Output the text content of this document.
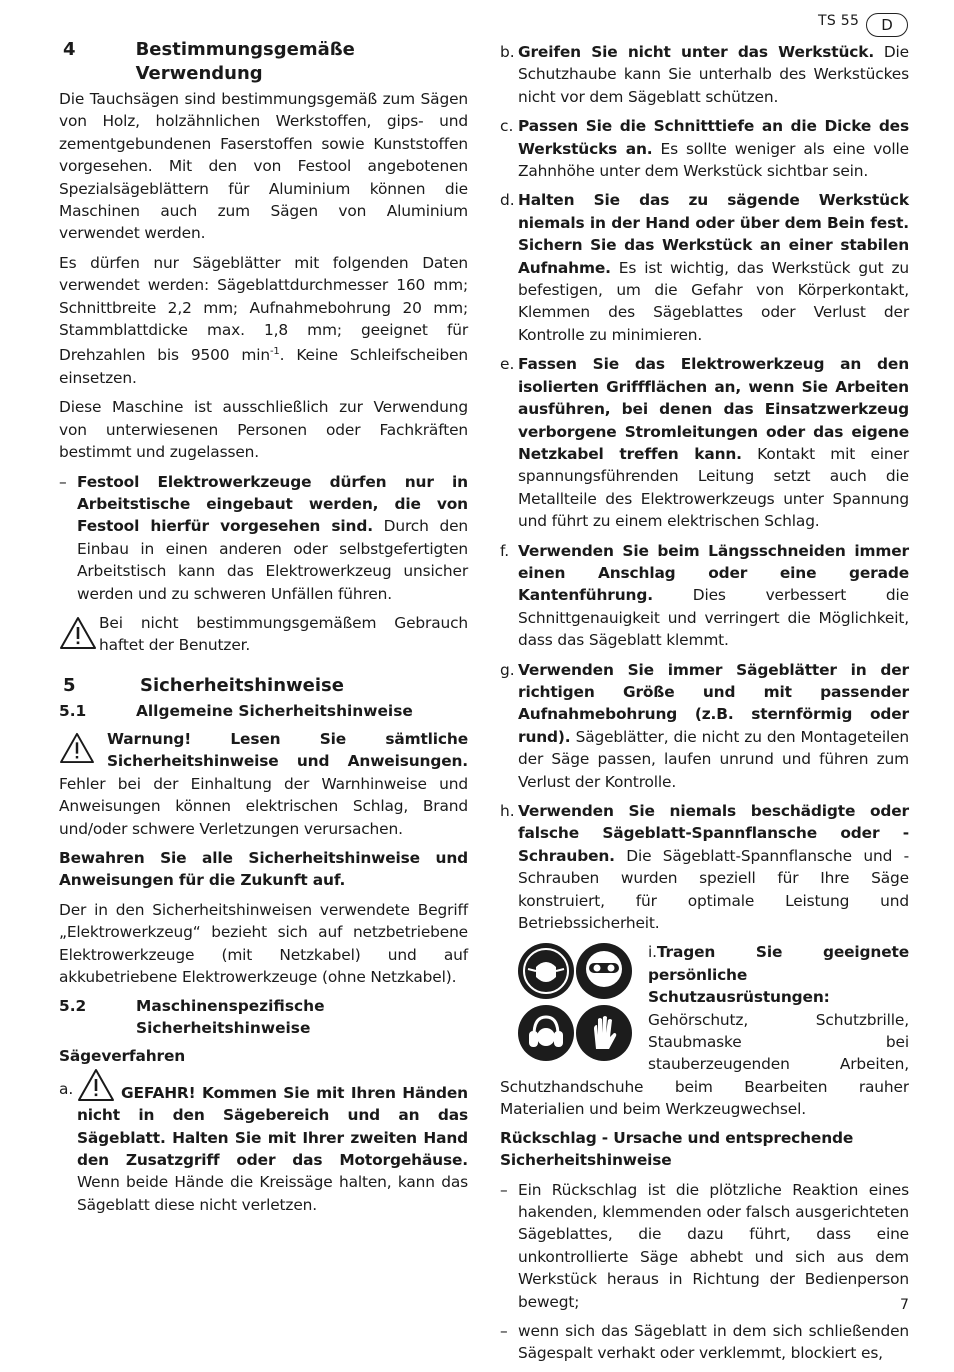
TS 55	D
4	Bestimmungsgemäße Verwendung

Die Tauchsägen sind bestimmungsgemäß zum Sägen von Holz, holzähnlichen Werkstoffen, gips- und zementgebundenen Faserstoffen sowie Kunststoffen vorgesehen. Mit den von Festool angebotenen Spezialsägeblättern für Aluminium können die Maschinen auch zum Sägen von Aluminium verwendet werden.

Es dürfen nur Sägeblätter mit folgenden Daten verwendet werden: Sägeblattdurchmesser 160 mm; Schnittbreite 2,2 mm; Aufnahmebohrung 20 mm; Stammblattdicke max. 1,8 mm; geeignet für Drehzahlen bis 9500 $\min^{-1}$. Keine Schleifscheiben einsetzen.

Diese Maschine ist ausschließlich zur Verwendung von unterwiesenen Personen oder Fachkräften bestimmt und zugelassen.

– Festool Elektrowerkzeuge dürfen nur in Arbeitstische eingebaut werden, die von Festool hierfür vorgesehen sind. Durch den Einbau in einen anderen oder selbstgefertigten Arbeitstisch kann das Elektrowerkzeug unsicher werden und zu schweren Unfällen führen.

Bei nicht bestimmungsgemäßem Gebrauch haftet der Benutzer.

5	Sicherheitshinweise
5.1	Allgemeine Sicherheitshinweise

Warnung! Lesen Sie sämtliche Sicherheitshinweise und Anweisungen. Fehler bei der Einhaltung der Warnhinweise und Anweisungen können elektrischen Schlag, Brand und/oder schwere Verletzungen verursachen.

Bewahren Sie alle Sicherheitshinweise und Anweisungen für die Zukunft auf.

Der in den Sicherheitshinweisen verwendete Begriff „Elektrowerkzeug“ bezieht sich auf netzbetriebene Elektrowerkzeuge (mit Netzkabel) und auf akkubetriebene Elektrowerkzeuge (ohne Netzkabel).

5.2	Maschinenspezifische Sicherheitshinweise

Sägeverfahren

a.	GEFAHR! Kommen Sie mit Ihren Händen nicht in den Sägebereich und an das Sägeblatt. Halten Sie mit Ihrer zweiten Hand den Zusatzgriff oder das Motorgehäuse. Wenn beide Hände die Kreissäge halten, kann das Sägeblatt diese nicht verletzen.

b. Greifen Sie nicht unter das Werkstück. Die Schutzhaube kann Sie unterhalb des Werkstückes nicht vor dem Sägeblatt schützen.

c. Passen Sie die Schnitttiefe an die Dicke des Werkstücks an. Es sollte weniger als eine volle Zahnhöhe unter dem Werkstück sichtbar sein.

d. Halten Sie das zu sägende Werkstück niemals in der Hand oder über dem Bein fest. Sichern Sie das Werkstück an einer stabilen Aufnahme. Es ist wichtig, das Werkstück gut zu befestigen, um die Gefahr von Körperkontakt, Klemmen des Sägeblattes oder Verlust der Kontrolle zu minimieren.

e. Fassen Sie das Elektrowerkzeug an den isolierten Griffflächen an, wenn Sie Arbeiten ausführen, bei denen das Einsatzwerkzeug verborgene Stromleitungen oder das eigene Netzkabel treffen kann. Kontakt mit einer spannungsführenden Leitung setzt auch die Metallteile des Elektrowerkzeugs unter Spannung und führt zu einem elektrischen Schlag.

f. Verwenden Sie beim Längsschneiden immer einen Anschlag oder eine gerade Kantenführung. Dies verbessert die Schnittgenauigkeit und verringert die Möglichkeit, dass das Sägeblatt klemmt.

g. Verwenden Sie immer Sägeblätter in der richtigen Größe und mit passender Aufnahmebohrung (z.B. sternförmig oder rund). Sägeblätter, die nicht zu den Montageteilen der Säge passen, laufen unrund und führen zum Verlust der Kontrolle.

h. Verwenden Sie niemals beschädigte oder falsche Sägeblatt-Spannflansche oder -Schrauben. Die Sägeblatt-Spannflansche und -Schrauben wurden speziell für Ihre Säge konstruiert, für optimale Leistung und Betriebssicherheit.

i.Tragen Sie geeignete persönliche Schutzausrüstungen: Gehörschutz, Schutzbrille, Staubmaske bei stauberzeugenden Arbeiten, Schutzhandschuhe beim Bearbeiten rauher Materialien und beim Werkzeugwechsel.

Rückschlag - Ursache und entsprechende Sicherheitshinweise

– Ein Rückschlag ist die plötzliche Reaktion eines hakenden, klemmenden oder falsch ausgerichteten Sägeblattes, die dazu führt, dass eine unkontrollierte Säge abhebt und sich aus dem Werkstück heraus in Richtung der Bedienperson bewegt;

– wenn sich das Sägeblatt in dem sich schließenden Sägespalt verhakt oder verklemmt, blockiert es,

7
